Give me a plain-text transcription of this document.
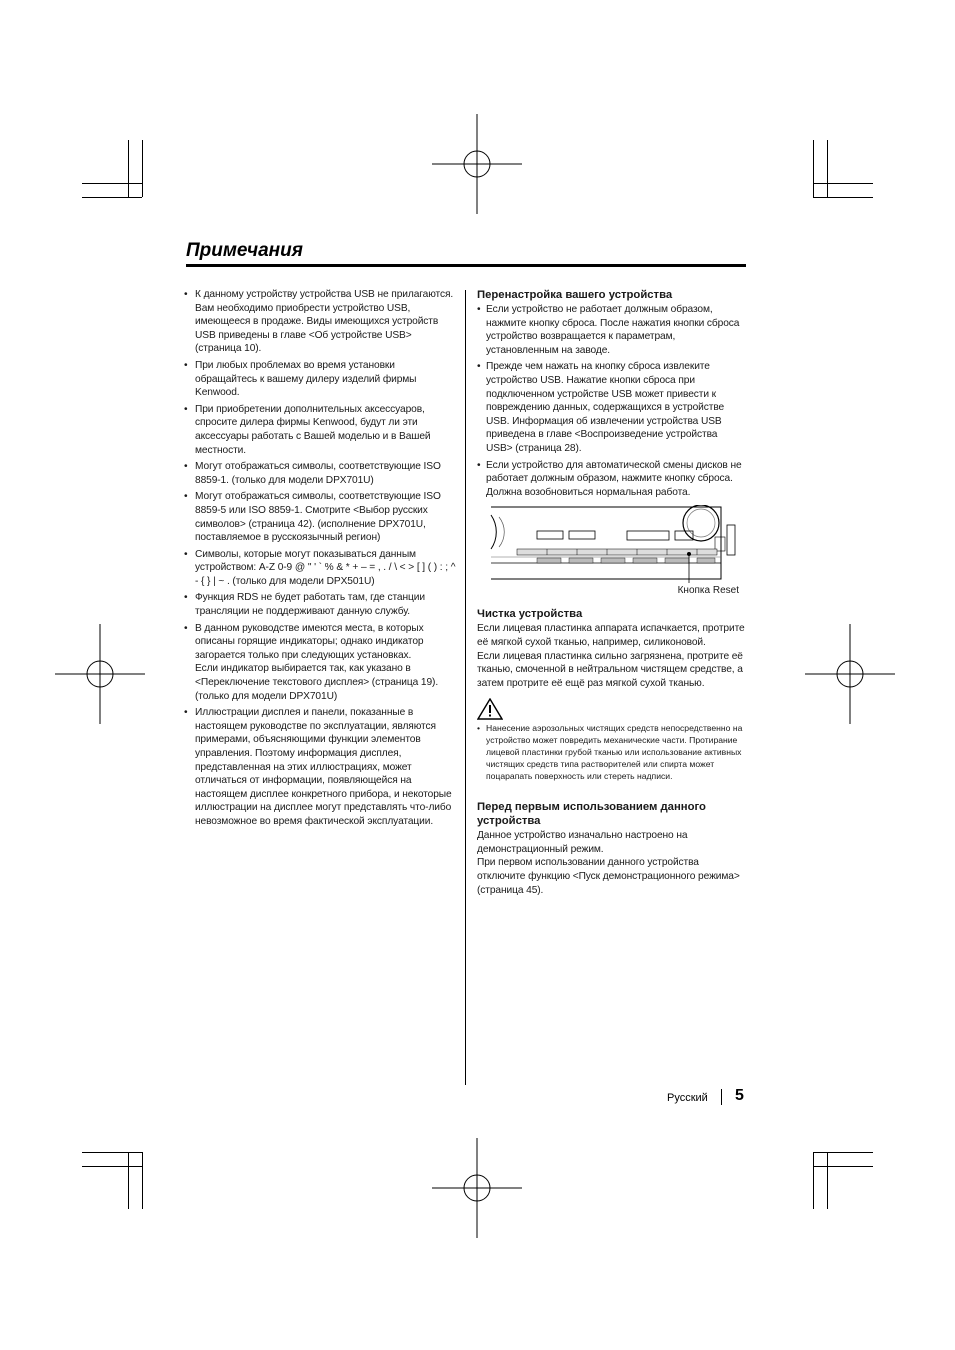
Примечания
• К данному устройству устройства USB не прилагаются. Вам необходимо приобрести устройство USB, имеющееся в продаже. Виды имеющихся устройств USB приведены в главе <Об устройстве USB> (страница 10).
• При любых проблемах во время установки обращайтесь к вашему дилеру изделий фирмы Kenwood.
• При приобретении дополнительных аксессуаров, спросите дилера фирмы Kenwood, будут ли эти аксессуары работать с Вашей моделью и в Вашей местности.
• Могут отображаться символы, соответствующие ISO 8859-1. (только для модели DPX701U)
• Могут отображаться символы, соответствующие ISO 8859-5 или ISO 8859-1. Смотрите <Выбор русских символов> (страница 42). (исполнение DPX701U, поставляемое в русскоязычный регион)
• Символы, которые могут показываться данным устройством: A-Z 0-9 @ " ' ` % & * + – = , . / \ < > [ ] ( ) : ; ^ - { } | ~ . (только для модели DPX501U)
• Функция RDS не будет работать там, где станции трансляции не поддерживают данную службу.
• В данном руководстве имеются места, в которых описаны горящие индикаторы; однако индикатор загорается только при следующих установках.
Если индикатор выбирается так, как указано в <Переключение текстового дисплея> (страница 19). (только для модели DPX701U)
• Иллюстрации дисплея и панели, показанные в настоящем руководстве по эксплуатации, являются примерами, объясняющими функции элементов управления. Поэтому информация дисплея, представленная на этих иллюстрациях, может отличаться от информации, появляющейся на настоящем дисплее конкретного прибора, и некоторые иллюстрации на дисплее могут представлять что-либо невозможное во время фактической эксплуатации.
Перенастройка вашего устройства
• Если устройство не работает должным образом, нажмите кнопку сброса. После нажатия кнопки сброса устройство возвращается к параметрам, установленным на заводе.
• Прежде чем нажать на кнопку сброса извлеките устройство USB. Нажатие кнопки сброса при подключенном устройстве USB может привести к повреждению данных, содержащихся в устройстве USB. Информация об извлечении устройства USB приведена в главе <Воспроизведение устройства USB> (страница 28).
• Если устройство для автоматической смены дисков не работает должным образом, нажмите кнопку сброса. Должна возобновиться нормальная работа.
Кнопка Reset
Чистка устройства

Если лицевая пластинка аппарата испачкается, протрите её мягкой сухой тканью, например, силиконовой.

Если лицевая пластинка сильно загрязнена, протрите её тканью, смоченной в нейтральном чистящем средстве, а затем протрите её ещё раз мягкой сухой тканью.

• Нанесение аэрозольных чистящих средств непосредственно на устройство может повредить механические части. Протирание лицевой пластинки грубой тканью или использование активных чистящих средств типа растворителей или спирта может поцарапать поверхность или стереть надписи.
Перед первым использованием данного устройства

Данное устройство изначально настроено на демонстрационный режим.

При первом использовании данного устройства отключите функцию <Пуск демонстрационного режима> (страница 45).

Русский 5
